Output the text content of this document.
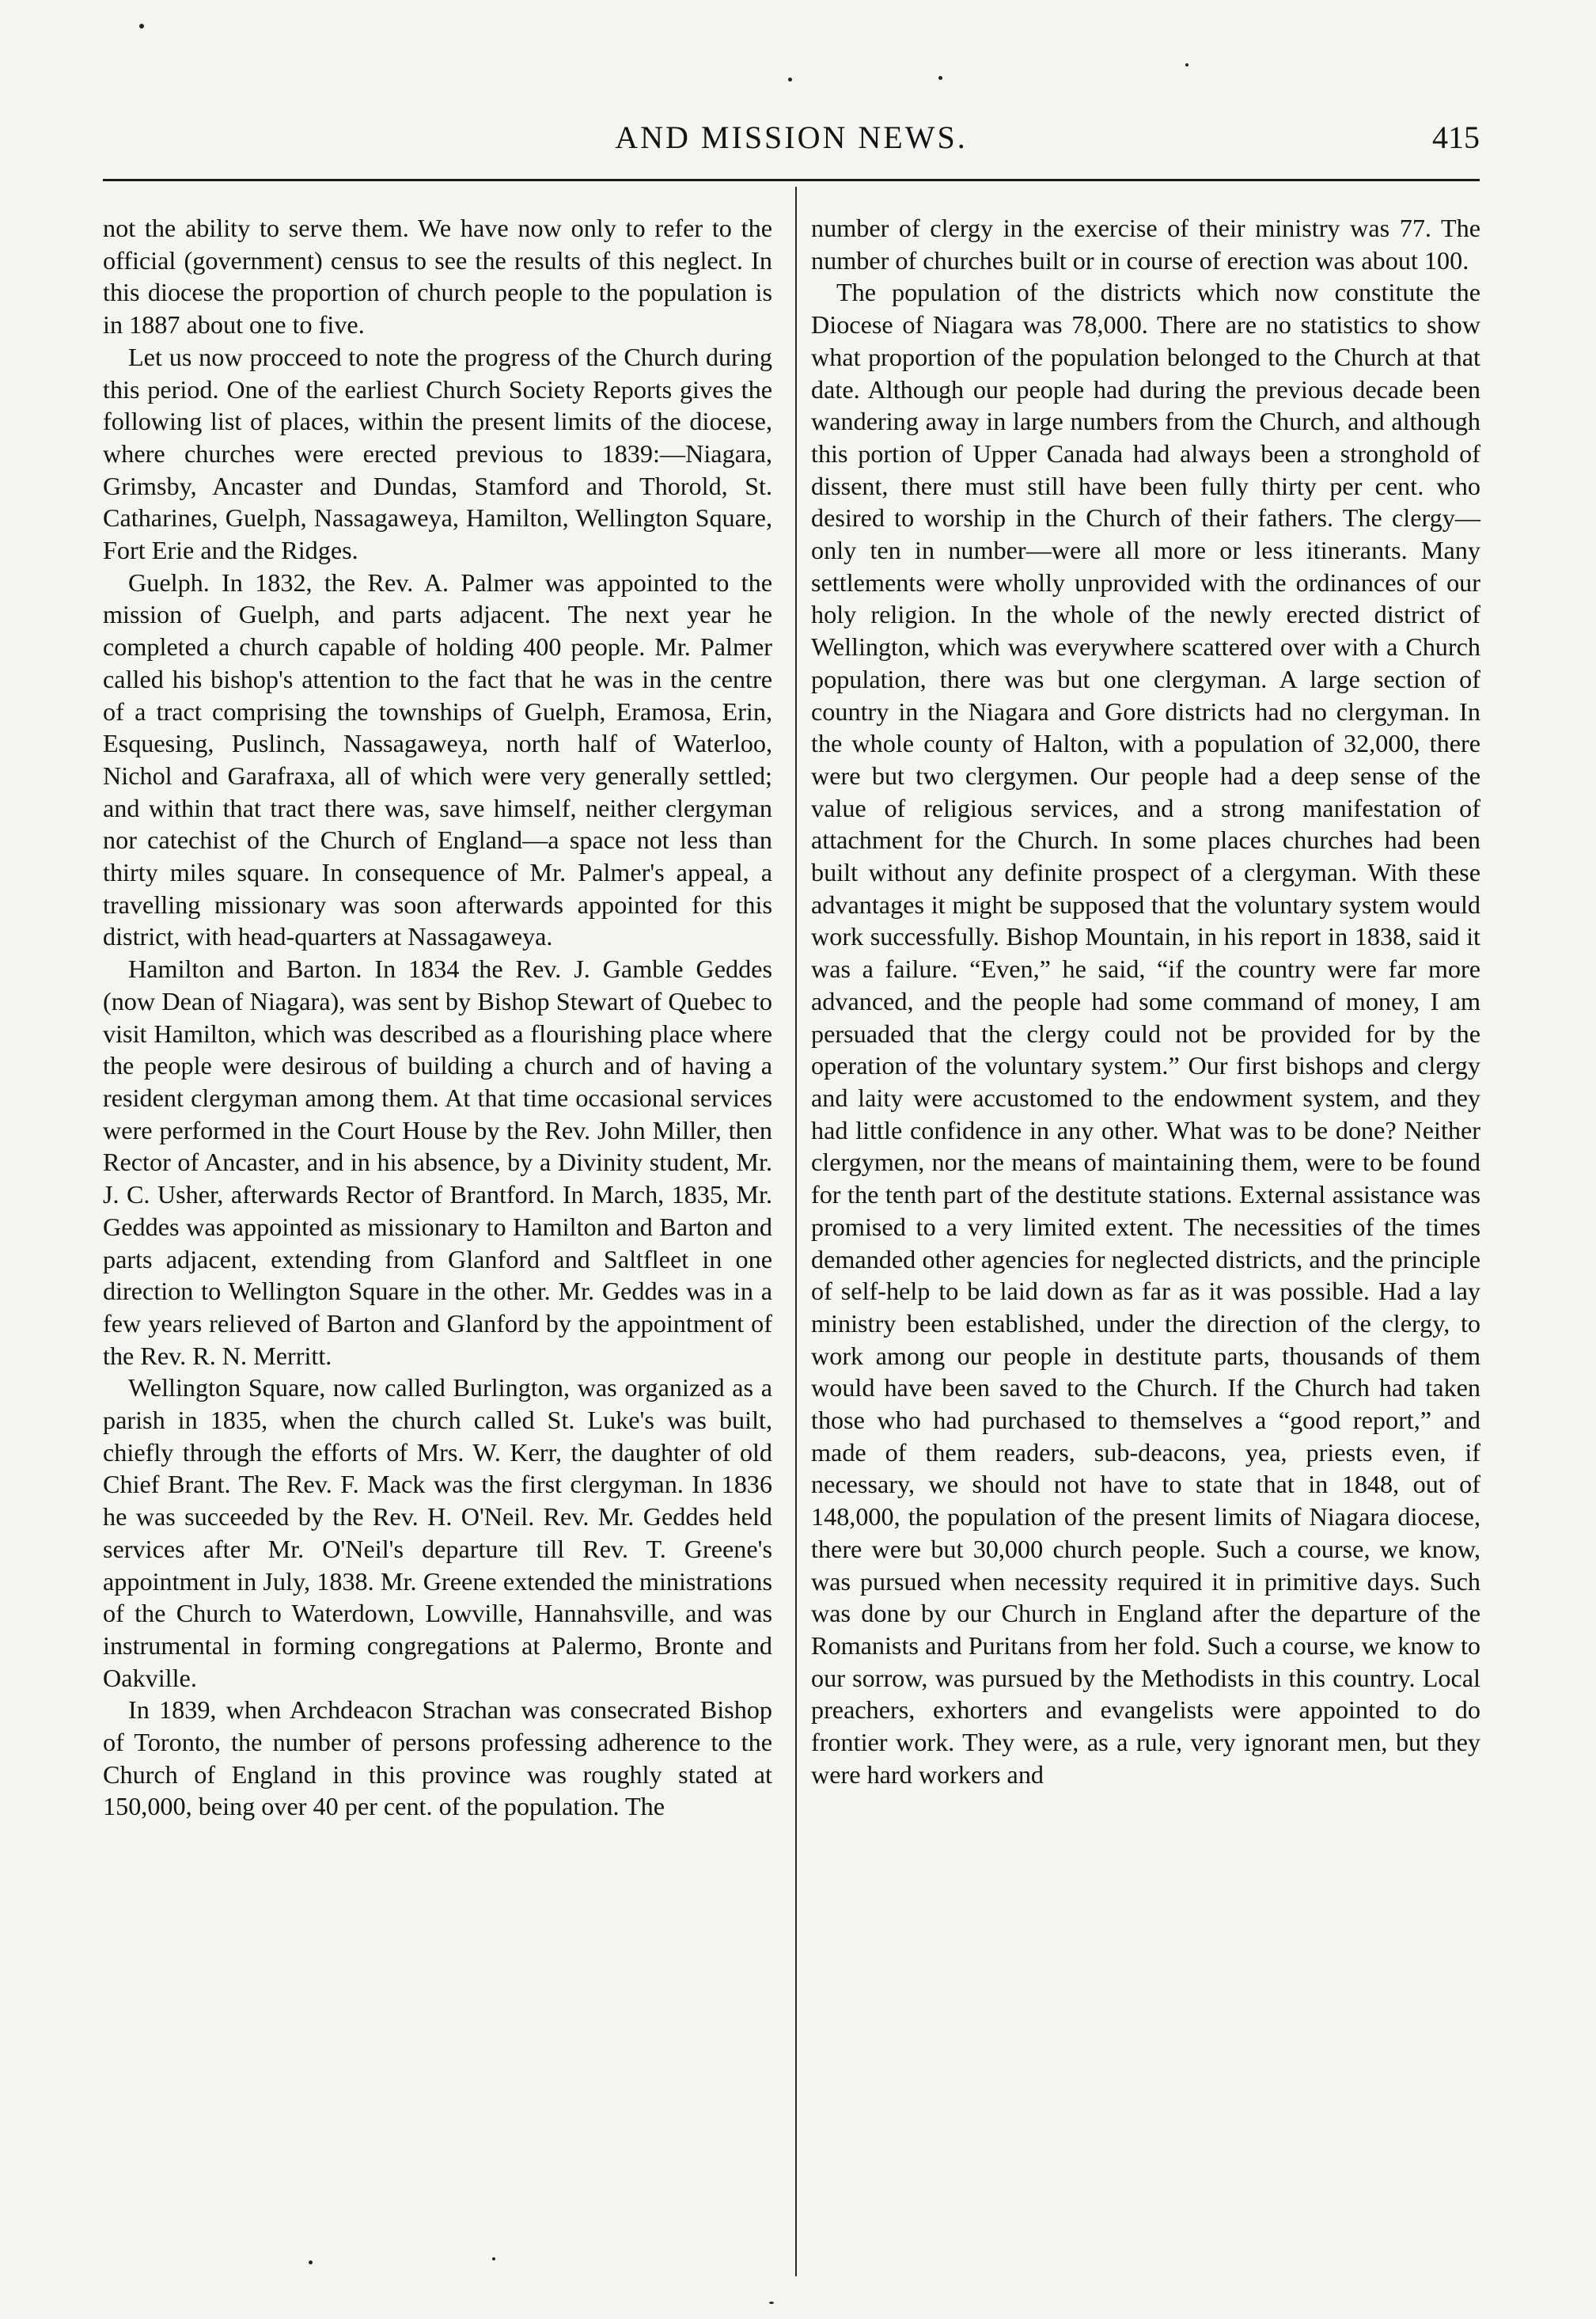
AND MISSION NEWS.	415

not the ability to serve them. We have now only to refer to the official (government) census to see the results of this neglect. In this diocese the proportion of church people to the population is in 1887 about one to five.

Let us now procceed to note the progress of the Church during this period. One of the earliest Church Society Reports gives the following list of places, within the present limits of the diocese, where churches were erected previous to 1839:—Niagara, Grimsby, Ancaster and Dundas, Stamford and Thorold, St. Catharines, Guelph, Nassagaweya, Hamilton, Wellington Square, Fort Erie and the Ridges.

Guelph. In 1832, the Rev. A. Palmer was appointed to the mission of Guelph, and parts adjacent. The next year he completed a church capable of holding 400 people. Mr. Palmer called his bishop's attention to the fact that he was in the centre of a tract comprising the townships of Guelph, Eramosa, Erin, Esquesing, Puslinch, Nassagaweya, north half of Waterloo, Nichol and Garafraxa, all of which were very generally settled; and within that tract there was, save himself, neither clergyman nor catechist of the Church of England—a space not less than thirty miles square. In consequence of Mr. Palmer's appeal, a travelling missionary was soon afterwards appointed for this district, with head-quarters at Nassagaweya.

Hamilton and Barton. In 1834 the Rev. J. Gamble Geddes (now Dean of Niagara), was sent by Bishop Stewart of Quebec to visit Hamilton, which was described as a flourishing place where the people were desirous of building a church and of having a resident clergyman among them. At that time occasional services were performed in the Court House by the Rev. John Miller, then Rector of Ancaster, and in his absence, by a Divinity student, Mr. J. C. Usher, afterwards Rector of Brantford. In March, 1835, Mr. Geddes was appointed as missionary to Hamilton and Barton and parts adjacent, extending from Glanford and Saltfleet in one direction to Wellington Square in the other. Mr. Geddes was in a few years relieved of Barton and Glanford by the appointment of the Rev. R. N. Merritt.

Wellington Square, now called Burlington, was organized as a parish in 1835, when the church called St. Luke's was built, chiefly through the efforts of Mrs. W. Kerr, the daughter of old Chief Brant. The Rev. F. Mack was the first clergyman. In 1836 he was succeeded by the Rev. H. O'Neil. Rev. Mr. Geddes held services after Mr. O'Neil's departure till Rev. T. Greene's appointment in July, 1838. Mr. Greene extended the ministrations of the Church to Waterdown, Lowville, Hannahsville, and was instrumental in forming congregations at Palermo, Bronte and Oakville.

In 1839, when Archdeacon Strachan was consecrated Bishop of Toronto, the number of persons professing adherence to the Church of England in this province was roughly stated at 150,000, being over 40 per cent. of the population. The

number of clergy in the exercise of their ministry was 77. The number of churches built or in course of erection was about 100.

The population of the districts which now constitute the Diocese of Niagara was 78,000. There are no statistics to show what proportion of the population belonged to the Church at that date. Although our people had during the previous decade been wandering away in large numbers from the Church, and although this portion of Upper Canada had always been a stronghold of dissent, there must still have been fully thirty per cent. who desired to worship in the Church of their fathers. The clergy—only ten in number—were all more or less itinerants. Many settlements were wholly unprovided with the ordinances of our holy religion. In the whole of the newly erected district of Wellington, which was everywhere scattered over with a Church population, there was but one clergyman. A large section of country in the Niagara and Gore districts had no clergyman. In the whole county of Halton, with a population of 32,000, there were but two clergymen. Our people had a deep sense of the value of religious services, and a strong manifestation of attachment for the Church. In some places churches had been built without any definite prospect of a clergyman. With these advantages it might be supposed that the voluntary system would work successfully. Bishop Mountain, in his report in 1838, said it was a failure. “Even,” he said, “if the country were far more advanced, and the people had some command of money, I am persuaded that the clergy could not be provided for by the operation of the voluntary system.” Our first bishops and clergy and laity were accustomed to the endowment system, and they had little confidence in any other. What was to be done? Neither clergymen, nor the means of maintaining them, were to be found for the tenth part of the destitute stations. External assistance was promised to a very limited extent. The necessities of the times demanded other agencies for neglected districts, and the principle of self-help to be laid down as far as it was possible. Had a lay ministry been established, under the direction of the clergy, to work among our people in destitute parts, thousands of them would have been saved to the Church. If the Church had taken those who had purchased to themselves a “good report,” and made of them readers, sub-deacons, yea, priests even, if necessary, we should not have to state that in 1848, out of 148,000, the population of the present limits of Niagara diocese, there were but 30,000 church people. Such a course, we know, was pursued when necessity required it in primitive days. Such was done by our Church in England after the departure of the Romanists and Puritans from her fold. Such a course, we know to our sorrow, was pursued by the Methodists in this country. Local preachers, exhorters and evangelists were appointed to do frontier work. They were, as a rule, very ignorant men, but they were hard workers and
